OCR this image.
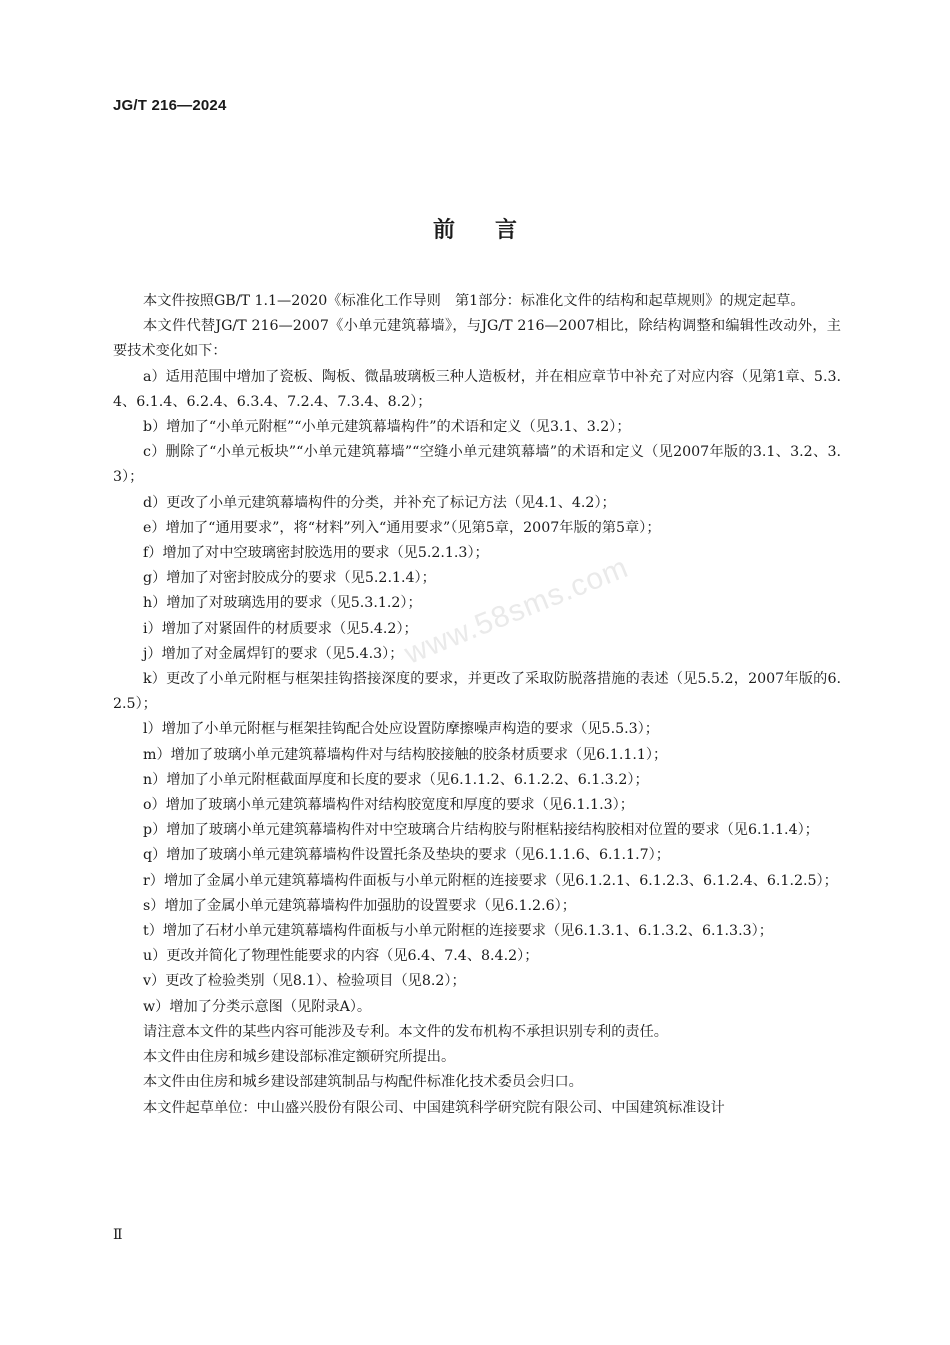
JG/T 216—2024
前言
www.58sms.com

本文件按照GB/T 1.1—2020《标准化工作导则　第1部分：标准化文件的结构和起草规则》的规定起草。

本文件代替JG/T 216—2007《小单元建筑幕墙》，与JG/T 216—2007相比，除结构调整和编辑性改动外，主要技术变化如下：

a）适用范围中增加了瓷板、陶板、微晶玻璃板三种人造板材，并在相应章节中补充了对应内容（见第1章、5.3.4、6.1.4、6.2.4、6.3.4、7.2.4、7.3.4、8.2）；

b）增加了“小单元附框”“小单元建筑幕墙构件”的术语和定义（见3.1、3.2）；

c）删除了“小单元板块”“小单元建筑幕墙”“空缝小单元建筑幕墙”的术语和定义（见2007年版的3.1、3.2、3.3）；

d）更改了小单元建筑幕墙构件的分类，并补充了标记方法（见4.1、4.2）；

e）增加了“通用要求”，将“材料”列入“通用要求”（见第5章，2007年版的第5章）；

f）增加了对中空玻璃密封胶选用的要求（见5.2.1.3）；

g）增加了对密封胶成分的要求（见5.2.1.4）；

h）增加了对玻璃选用的要求（见5.3.1.2）；

i）增加了对紧固件的材质要求（见5.4.2）；

j）增加了对金属焊钉的要求（见5.4.3）；

k）更改了小单元附框与框架挂钩搭接深度的要求，并更改了采取防脱落措施的表述（见5.5.2，2007年版的6.2.5）；

l）增加了小单元附框与框架挂钩配合处应设置防摩擦噪声构造的要求（见5.5.3）；

m）增加了玻璃小单元建筑幕墙构件对与结构胶接触的胶条材质要求（见6.1.1.1）；

n）增加了小单元附框截面厚度和长度的要求（见6.1.1.2、6.1.2.2、6.1.3.2）；

o）增加了玻璃小单元建筑幕墙构件对结构胶宽度和厚度的要求（见6.1.1.3）；

p）增加了玻璃小单元建筑幕墙构件对中空玻璃合片结构胶与附框粘接结构胶相对位置的要求（见6.1.1.4）；

q）增加了玻璃小单元建筑幕墙构件设置托条及垫块的要求（见6.1.1.6、6.1.1.7）；

r）增加了金属小单元建筑幕墙构件面板与小单元附框的连接要求（见6.1.2.1、6.1.2.3、6.1.2.4、6.1.2.5）；

s）增加了金属小单元建筑幕墙构件加强肋的设置要求（见6.1.2.6）；

t）增加了石材小单元建筑幕墙构件面板与小单元附框的连接要求（见6.1.3.1、6.1.3.2、6.1.3.3）；

u）更改并简化了物理性能要求的内容（见6.4、7.4、8.4.2）；

v）更改了检验类别（见8.1）、检验项目（见8.2）；

w）增加了分类示意图（见附录A）。

请注意本文件的某些内容可能涉及专利。本文件的发布机构不承担识别专利的责任。

本文件由住房和城乡建设部标准定额研究所提出。

本文件由住房和城乡建设部建筑制品与构配件标准化技术委员会归口。

本文件起草单位：中山盛兴股份有限公司、中国建筑科学研究院有限公司、中国建筑标准设计

Ⅱ
